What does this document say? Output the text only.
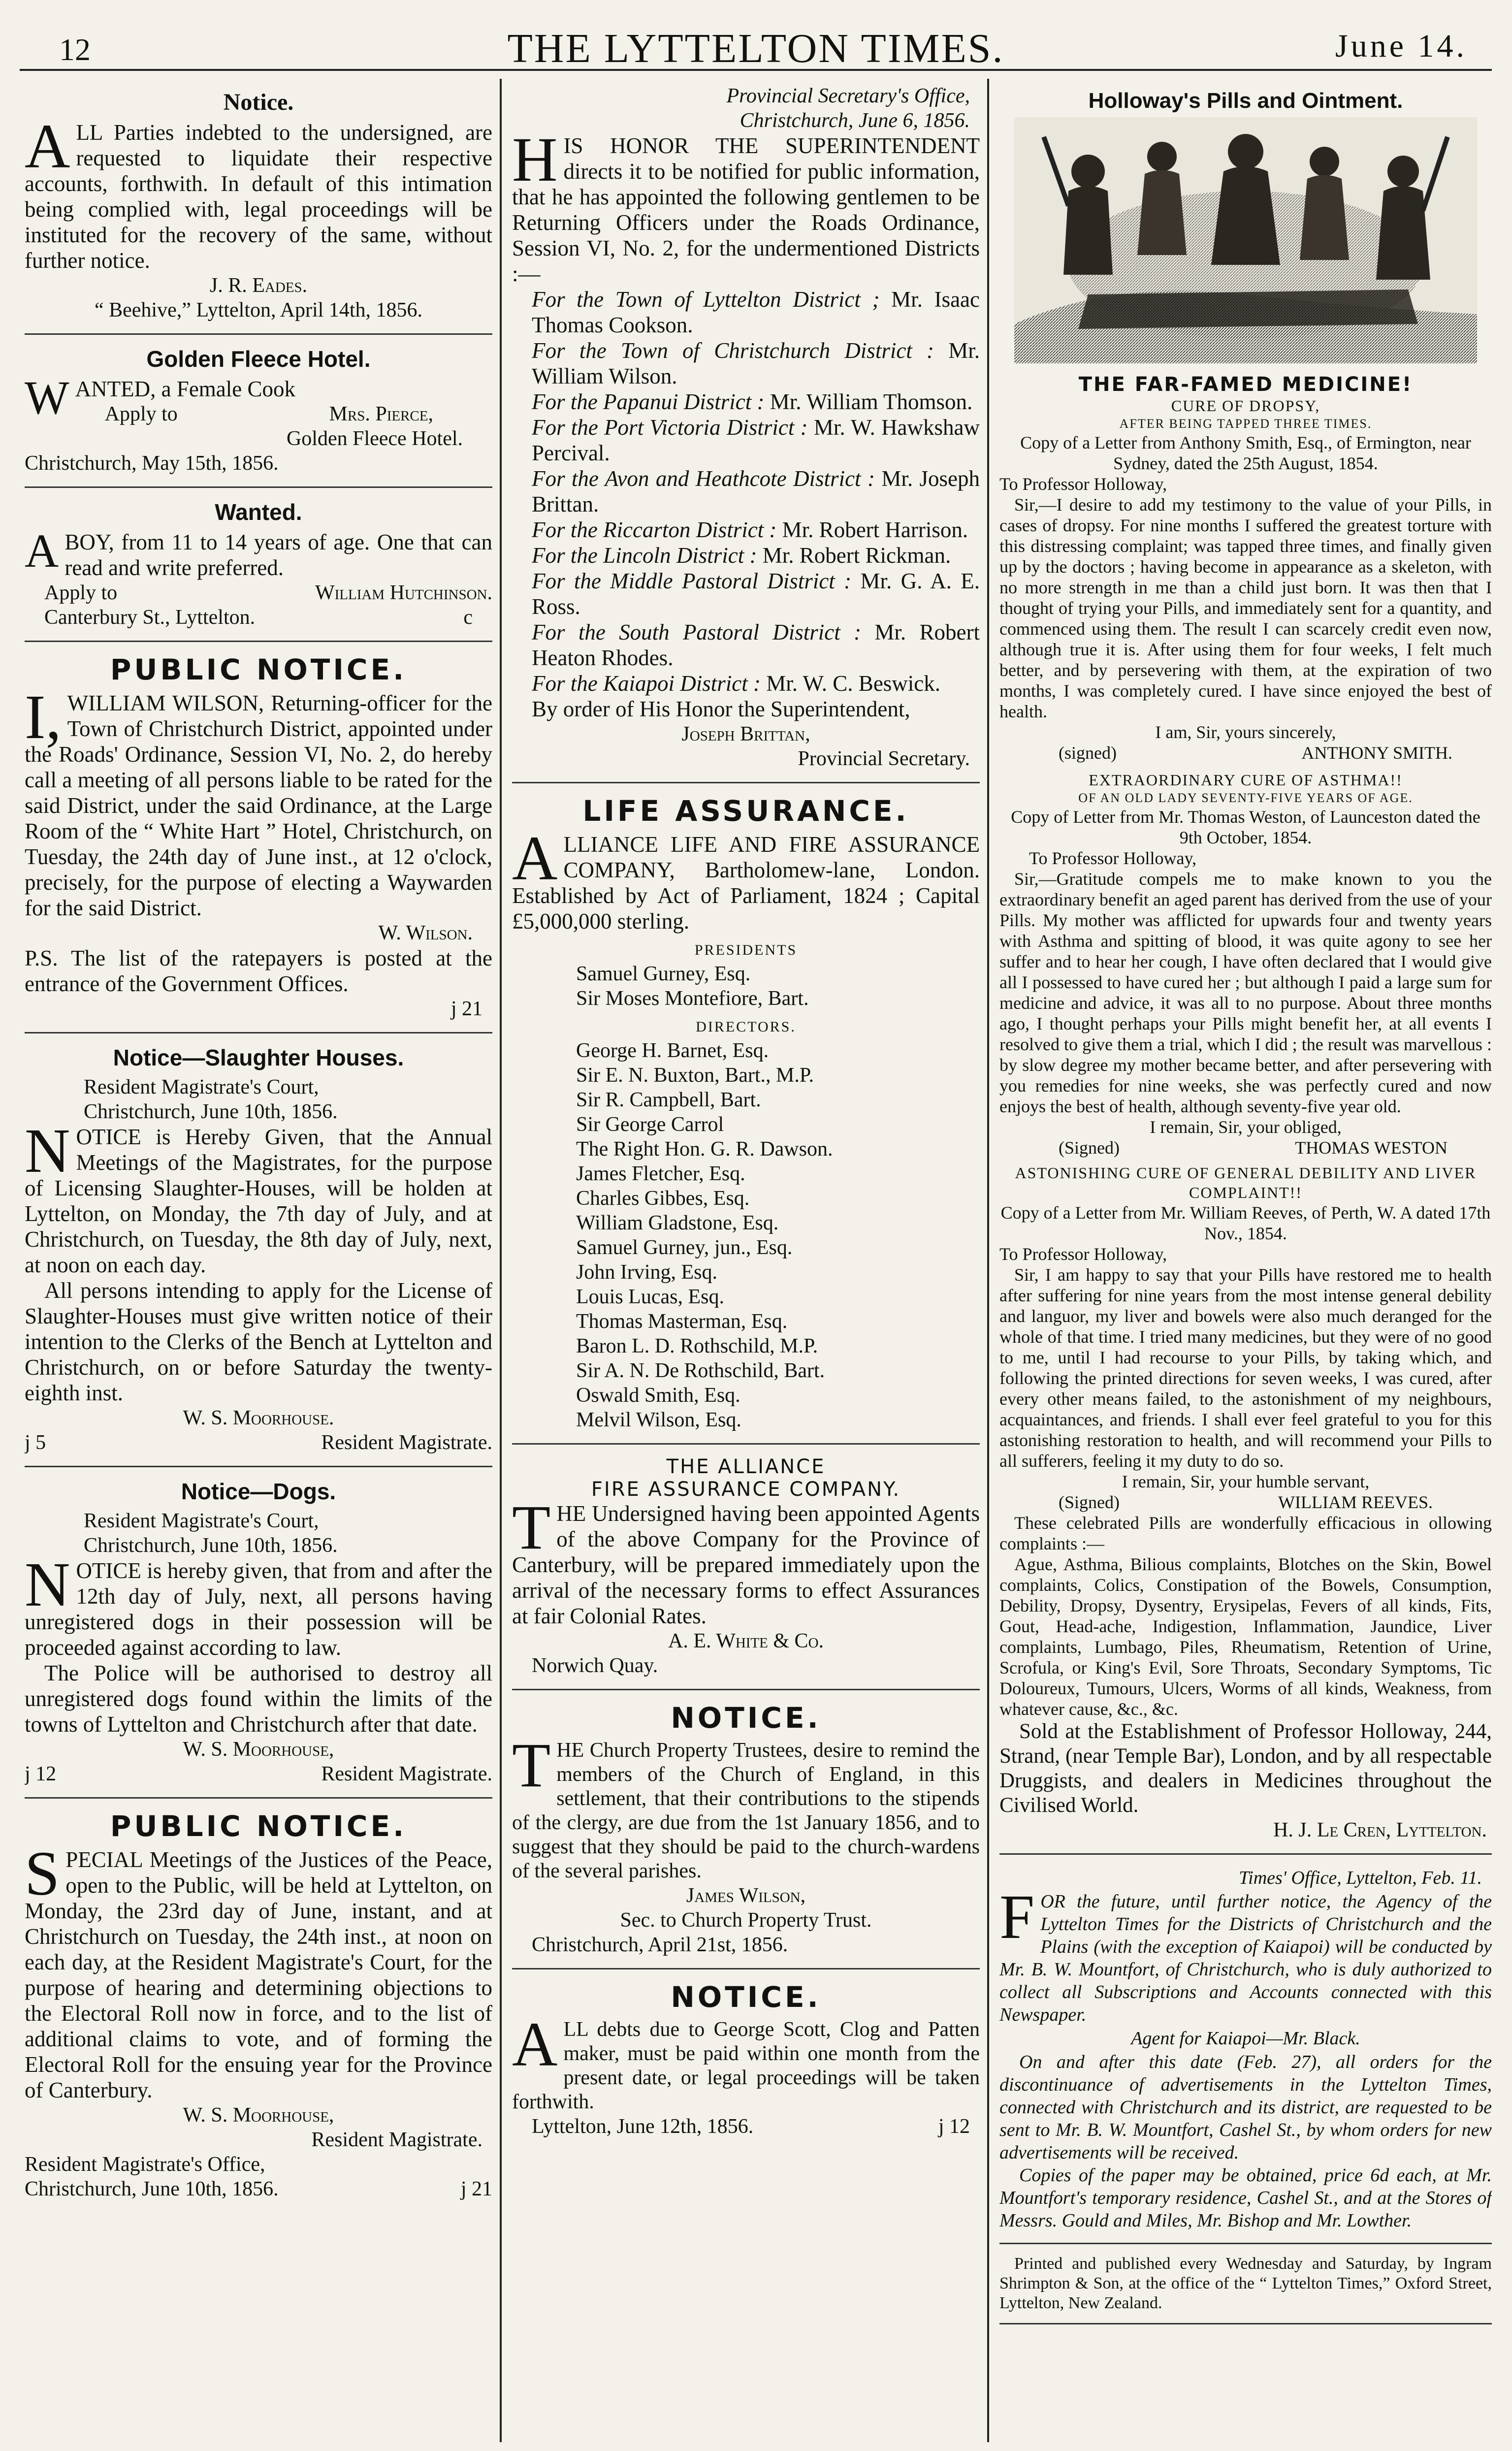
12	THE LYTTELTON TIMES.	June 14.
Notice.

ALL Parties indebted to the undersigned, are requested to liquidate their respective accounts, forthwith. In default of this intimation being complied with, legal proceedings will be instituted for the recovery of the same, without further notice.

J. R. Eades.
“ Beehive,” Lyttelton, April 14th, 1856.
Golden Fleece Hotel.

WANTED, a Female Cook

Apply to	Mrs. Pierce,
Golden Fleece Hotel.
Christchurch, May 15th, 1856.
Wanted.

ABOY, from 11 to 14 years of age. One that can read and write preferred.

Apply to	William Hutchinson.
Canterbury St., Lyttelton.	c
PUBLIC NOTICE.

I, WILLIAM WILSON, Returning-officer for the Town of Christchurch District, appointed under the Roads' Ordinance, Session VI, No. 2, do hereby call a meeting of all persons liable to be rated for the said District, under the said Ordinance, at the Large Room of the “ White Hart ” Hotel, Christchurch, on Tuesday, the 24th day of June inst., at 12 o'clock, precisely, for the purpose of electing a Waywarden for the said District.

W. Wilson.

P.S. The list of the ratepayers is posted at the entrance of the Government Offices.

j 21
Notice—Slaughter Houses.
Resident Magistrate's Court,
Christchurch, June 10th, 1856.

NOTICE is Hereby Given, that the Annual Meetings of the Magistrates, for the purpose of Licensing Slaughter-Houses, will be holden at Lyttelton, on Monday, the 7th day of July, and at Christchurch, on Tuesday, the 8th day of July, next, at noon on each day.

All persons intending to apply for the License of Slaughter-Houses must give written notice of their intention to the Clerks of the Bench at Lyttelton and Christchurch, on or before Saturday the twenty-eighth inst.

W. S. Moorhouse.
j 5	Resident Magistrate.
Notice—Dogs.
Resident Magistrate's Court,
Christchurch, June 10th, 1856.

NOTICE is hereby given, that from and after the 12th day of July, next, all persons having unregistered dogs in their possession will be proceeded against according to law.

The Police will be authorised to destroy all unregistered dogs found within the limits of the towns of Lyttelton and Christchurch after that date.

W. S. Moorhouse,
j 12	Resident Magistrate.
PUBLIC NOTICE.

SPECIAL Meetings of the Justices of the Peace, open to the Public, will be held at Lyttelton, on Monday, the 23rd day of June, instant, and at Christchurch on Tuesday, the 24th inst., at noon on each day, at the Resident Magistrate's Court, for the purpose of hearing and determining objections to the Electoral Roll now in force, and to the list of additional claims to vote, and of forming the Electoral Roll for the ensuing year for the Province of Canterbury.

W. S. Moorhouse,
Resident Magistrate.
Resident Magistrate's Office,
Christchurch, June 10th, 1856.	j 21
Provincial Secretary's Office,
Christchurch, June 6, 1856.

HIS HONOR THE SUPERINTENDENT directs it to be notified for public information, that he has appointed the following gentlemen to be Returning Officers under the Roads Ordinance, Session VI, No. 2, for the undermentioned Districts :—

For the Town of Lyttelton District ; Mr. Isaac Thomas Cookson.

For the Town of Christchurch District : Mr. William Wilson.

For the Papanui District : Mr. William Thomson.

For the Port Victoria District : Mr. W. Hawkshaw Percival.

For the Avon and Heathcote District : Mr. Joseph Brittan.

For the Riccarton District : Mr. Robert Harrison.

For the Lincoln District : Mr. Robert Rickman.

For the Middle Pastoral District : Mr. G. A. E. Ross.

For the South Pastoral District : Mr. Robert Heaton Rhodes.

For the Kaiapoi District : Mr. W. C. Beswick.

By order of His Honor the Superintendent,

Joseph Brittan,
Provincial Secretary.
LIFE ASSURANCE.

ALLIANCE LIFE AND FIRE ASSURANCE COMPANY, Bartholomew-lane, London. Established by Act of Parliament, 1824 ; Capital £5,000,000 sterling.

PRESIDENTS
Samuel Gurney, Esq.
Sir Moses Montefiore, Bart.
DIRECTORS.
George H. Barnet, Esq.
Sir E. N. Buxton, Bart., M.P.
Sir R. Campbell, Bart.
Sir George Carrol
The Right Hon. G. R. Dawson.
James Fletcher, Esq.
Charles Gibbes, Esq.
William Gladstone, Esq.
Samuel Gurney, jun., Esq.
John Irving, Esq.
Louis Lucas, Esq.
Thomas Masterman, Esq.
Baron L. D. Rothschild, M.P.
Sir A. N. De Rothschild, Bart.
Oswald Smith, Esq.
Melvil Wilson, Esq.
THE ALLIANCE
FIRE ASSURANCE COMPANY.

THE Undersigned having been appointed Agents of the above Company for the Province of Canterbury, will be prepared immediately upon the arrival of the necessary forms to effect Assurances at fair Colonial Rates.

A. E. White & Co.
Norwich Quay.
NOTICE.

THE Church Property Trustees, desire to remind the members of the Church of England, in this settlement, that their contributions to the stipends of the clergy, are due from the 1st January 1856, and to suggest that they should be paid to the church-wardens of the several parishes.

James Wilson,
Sec. to Church Property Trust.
Christchurch, April 21st, 1856.
NOTICE.

ALL debts due to George Scott, Clog and Patten maker, must be paid within one month from the present date, or legal proceedings will be taken forthwith.

Lyttelton, June 12th, 1856.	j 12
Holloway's Pills and Ointment.
THE FAR-FAMED MEDICINE!
CURE OF DROPSY,
AFTER BEING TAPPED THREE TIMES.

Copy of a Letter from Anthony Smith, Esq., of Ermington, near Sydney, dated the 25th August, 1854.

To Professor Holloway,

Sir,—I desire to add my testimony to the value of your Pills, in cases of dropsy. For nine months I suffered the greatest torture with this distressing complaint; was tapped three times, and finally given up by the doctors ; having become in appearance as a skeleton, with no more strength in me than a child just born. It was then that I thought of trying your Pills, and immediately sent for a quantity, and commenced using them. The result I can scarcely credit even now, although true it is. After using them for four weeks, I felt much better, and by persevering with them, at the expiration of two months, I was completely cured. I have since enjoyed the best of health.

I am, Sir, yours sincerely,

(signed)	ANTHONY SMITH.
EXTRAORDINARY CURE OF ASTHMA!!
OF AN OLD LADY SEVENTY-FIVE YEARS OF AGE.

Copy of Letter from Mr. Thomas Weston, of Launceston dated the 9th October, 1854.

To Professor Holloway,

Sir,—Gratitude compels me to make known to you the extraordinary benefit an aged parent has derived from the use of your Pills. My mother was afflicted for upwards four and twenty years with Asthma and spitting of blood, it was quite agony to see her suffer and to hear her cough, I have often declared that I would give all I possessed to have cured her ; but although I paid a large sum for medicine and advice, it was all to no purpose. About three months ago, I thought perhaps your Pills might benefit her, at all events I resolved to give them a trial, which I did ; the result was marvellous : by slow degree my mother became better, and after persevering with you remedies for nine weeks, she was perfectly cured and now enjoys the best of health, although seventy-five year old.

I remain, Sir, your obliged,

(Signed)	THOMAS WESTON
ASTONISHING CURE OF GENERAL DEBILITY AND LIVER COMPLAINT!!

Copy of a Letter from Mr. William Reeves, of Perth, W. A dated 17th Nov., 1854.

To Professor Holloway,

Sir, I am happy to say that your Pills have restored me to health after suffering for nine years from the most intense general debility and languor, my liver and bowels were also much deranged for the whole of that time. I tried many medicines, but they were of no good to me, until I had recourse to your Pills, by taking which, and following the printed directions for seven weeks, I was cured, after every other means failed, to the astonishment of my neighbours, acquaintances, and friends. I shall ever feel grateful to you for this astonishing restoration to health, and will recommend your Pills to all sufferers, feeling it my duty to do so.

I remain, Sir, your humble servant,

(Signed)	WILLIAM REEVES.

These celebrated Pills are wonderfully efficacious in ollowing complaints :—

Ague, Asthma, Bilious complaints, Blotches on the Skin, Bowel complaints, Colics, Constipation of the Bowels, Consumption, Debility, Dropsy, Dysentry, Erysipelas, Fevers of all kinds, Fits, Gout, Head-ache, Indigestion, Inflammation, Jaundice, Liver complaints, Lumbago, Piles, Rheumatism, Retention of Urine, Scrofula, or King's Evil, Sore Throats, Secondary Symptoms, Tic Doloureux, Tumours, Ulcers, Worms of all kinds, Weakness, from whatever cause, &c., &c.

Sold at the Establishment of Professor Holloway, 244, Strand, (near Temple Bar), London, and by all respectable Druggists, and dealers in Medicines throughout the Civilised World.

H. J. Le Cren, Lyttelton.
Times' Office, Lyttelton, Feb. 11.

FOR the future, until further notice, the Agency of the Lyttelton Times for the Districts of Christchurch and the Plains (with the exception of Kaiapoi) will be conducted by Mr. B. W. Mountfort, of Christchurch, who is duly authorized to collect all Subscriptions and Accounts connected with this Newspaper.

Agent for Kaiapoi—Mr. Black.

On and after this date (Feb. 27), all orders for the discontinuance of advertisements in the Lyttelton Times, connected with Christchurch and its district, are requested to be sent to Mr. B. W. Mountfort, Cashel St., by whom orders for new advertisements will be received.

Copies of the paper may be obtained, price 6d each, at Mr. Mountfort's temporary residence, Cashel St., and at the Stores of Messrs. Gould and Miles, Mr. Bishop and Mr. Lowther.

Printed and published every Wednesday and Saturday, by Ingram Shrimpton & Son, at the office of the “ Lyttelton Times,” Oxford Street, Lyttelton, New Zealand.
